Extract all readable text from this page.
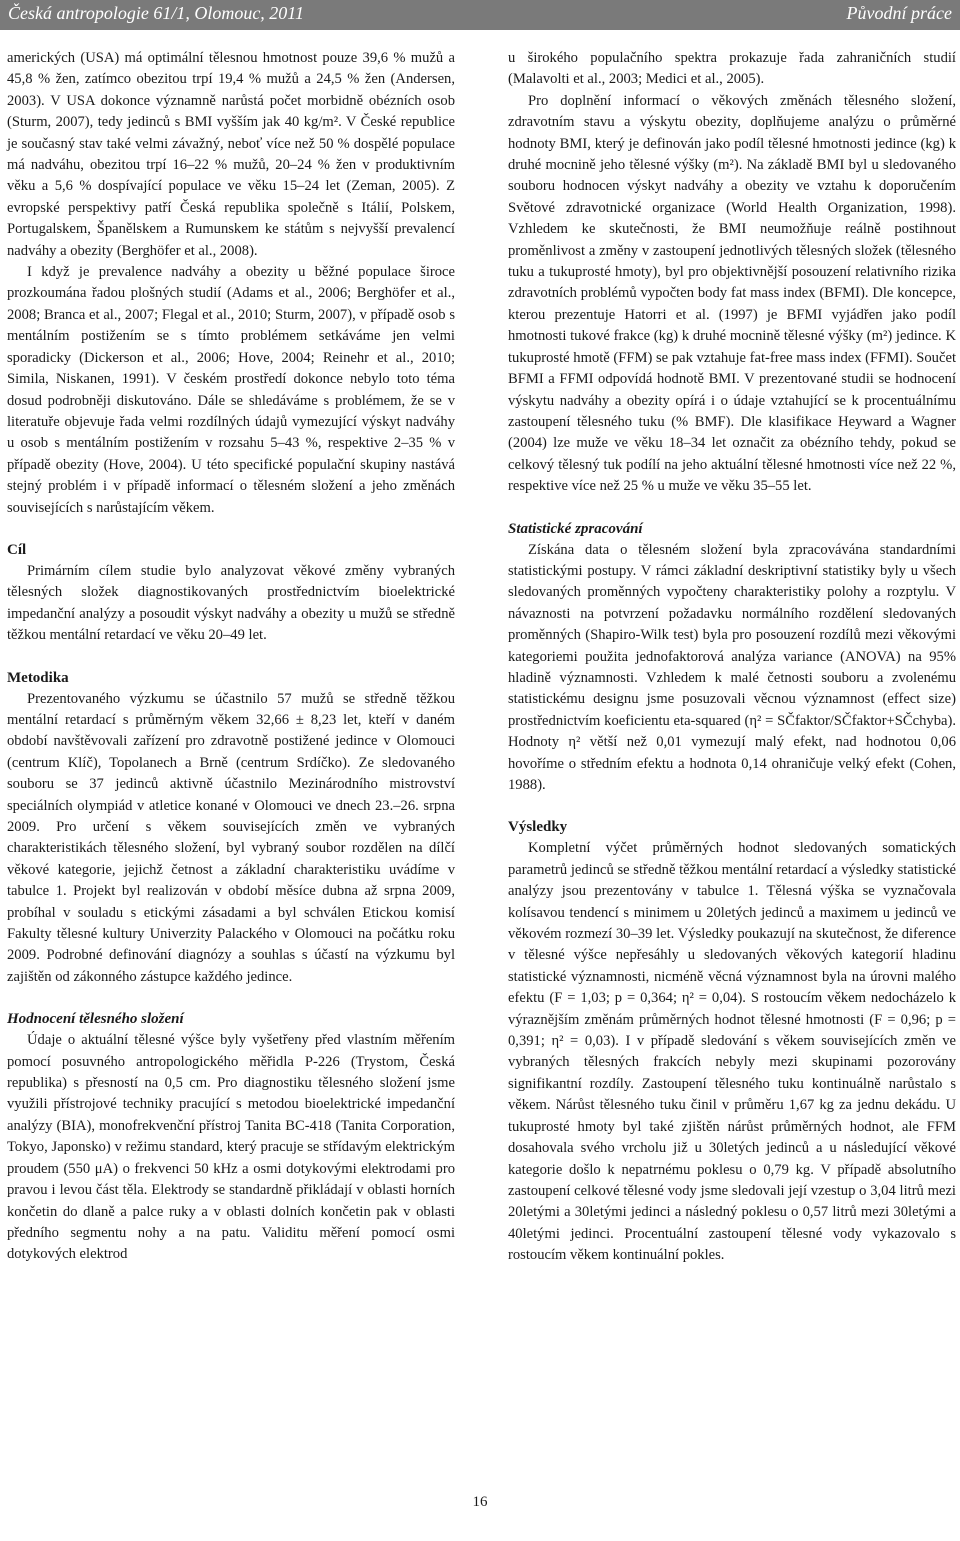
Česká antropologie 61/1, Olomouc, 2011	Původní práce

amerických (USA) má optimální tělesnou hmotnost pouze 39,6 % mužů a 45,8 % žen, zatímco obezitou trpí 19,4 % mužů a 24,5 % žen (Andersen, 2003). V USA dokonce významně narůstá počet morbidně obézních osob (Sturm, 2007), tedy jedinců s BMI vyšším jak 40 kg/m². V České republice je současný stav také velmi závažný, neboť více než 50 % dospělé populace má nadváhu, obezitou trpí 16–22 % mužů, 20–24 % žen v produktivním věku a 5,6 % dospívající populace ve věku 15–24 let (Zeman, 2005). Z evropské perspektivy patří Česká republika společně s Itálií, Polskem, Portugalskem, Španělskem a Rumunskem ke státům s nejvyšší prevalencí nadváhy a obezity (Berghöfer et al., 2008).

I když je prevalence nadváhy a obezity u běžné populace široce prozkoumána řadou plošných studií (Adams et al., 2006; Berghöfer et al., 2008; Branca et al., 2007; Flegal et al., 2010; Sturm, 2007), v případě osob s mentálním postižením se s tímto problémem setkáváme jen velmi sporadicky (Dickerson et al., 2006; Hove, 2004; Reinehr et al., 2010; Simila, Niskanen, 1991). V českém prostředí dokonce nebylo toto téma dosud podrobněji diskutováno. Dále se shledáváme s problémem, že se v literatuře objevuje řada velmi rozdílných údajů vymezující výskyt nadváhy u osob s mentálním postižením v rozsahu 5–43 %, respektive 2–35 % v případě obezity (Hove, 2004). U této specifické populační skupiny nastává stejný problém i v případě informací o tělesném složení a jeho změnách souvisejících s narůstajícím věkem.

Cíl

Primárním cílem studie bylo analyzovat věkové změny vybraných tělesných složek diagnostikovaných prostřednictvím bioelektrické impedanční analýzy a posoudit výskyt nadváhy a obezity u mužů se středně těžkou mentální retardací ve věku 20–49 let.

Metodika

Prezentovaného výzkumu se účastnilo 57 mužů se středně těžkou mentální retardací s průměrným věkem 32,66 ± 8,23 let, kteří v daném období navštěvovali zařízení pro zdravotně postižené jedince v Olomouci (centrum Klíč), Topolanech a Brně (centrum Srdíčko). Ze sledovaného souboru se 37 jedinců aktivně účastnilo Mezinárodního mistrovství speciálních olympiád v atletice konané v Olomouci ve dnech 23.–26. srpna 2009. Pro určení s věkem souvisejících změn ve vybraných charakteristikách tělesného složení, byl vybraný soubor rozdělen na dílčí věkové kategorie, jejichž četnost a základní charakteristiku uvádíme v tabulce 1. Projekt byl realizován v období měsíce dubna až srpna 2009, probíhal v souladu s etickými zásadami a byl schválen Etickou komisí Fakulty tělesné kultury Univerzity Palackého v Olomouci na počátku roku 2009. Podrobné definování diagnózy a souhlas s účastí na výzkumu byl zajištěn od zákonného zástupce každého jedince.

Hodnocení tělesného složení

Údaje o aktuální tělesné výšce byly vyšetřeny před vlastním měřením pomocí posuvného antropologického měřidla P-226 (Trystom, Česká republika) s přesností na 0,5 cm. Pro diagnostiku tělesného složení jsme využili přístrojové techniky pracující s metodou bioelektrické impedanční analýzy (BIA), monofrekvenční přístroj Tanita BC-418 (Tanita Corporation, Tokyo, Japonsko) v režimu standard, který pracuje se střídavým elektrickým proudem (550 μA) o frekvenci 50 kHz a osmi dotykovými elektrodami pro pravou i levou část těla. Elektrody se standardně přikládají v oblasti horních končetin do dlaně a palce ruky a v oblasti dolních končetin pak v oblasti předního segmentu nohy a na patu. Validitu měření pomocí osmi dotykových elektrod

u širokého populačního spektra prokazuje řada zahraničních studií (Malavolti et al., 2003; Medici et al., 2005).

Pro doplnění informací o věkových změnách tělesného složení, zdravotním stavu a výskytu obezity, doplňujeme analýzu o průměrné hodnoty BMI, který je definován jako podíl tělesné hmotnosti jedince (kg) k druhé mocnině jeho tělesné výšky (m²). Na základě BMI byl u sledovaného souboru hodnocen výskyt nadváhy a obezity ve vztahu k doporučením Světové zdravotnické organizace (World Health Organization, 1998). Vzhledem ke skutečnosti, že BMI neumožňuje reálně postihnout proměnlivost a změny v zastoupení jednotlivých tělesných složek (tělesného tuku a tukuprosté hmoty), byl pro objektivnější posouzení relativního rizika zdravotních problémů vypočten body fat mass index (BFMI). Dle koncepce, kterou prezentuje Hatorri et al. (1997) je BFMI vyjádřen jako podíl hmotnosti tukové frakce (kg) k druhé mocnině tělesné výšky (m²) jedince. K tukuprosté hmotě (FFM) se pak vztahuje fat-free mass index (FFMI). Součet BFMI a FFMI odpovídá hodnotě BMI. V prezentované studii se hodnocení výskytu nadváhy a obezity opírá i o údaje vztahující se k procentuálnímu zastoupení tělesného tuku (% BMF). Dle klasifikace Heyward a Wagner (2004) lze muže ve věku 18–34 let označit za obézního tehdy, pokud se celkový tělesný tuk podílí na jeho aktuální tělesné hmotnosti více než 22 %, respektive více než 25 % u muže ve věku 35–55 let.

Statistické zpracování

Získána data o tělesném složení byla zpracovávána standardními statistickými postupy. V rámci základní deskriptivní statistiky byly u všech sledovaných proměnných vypočteny charakteristiky polohy a rozptylu. V návaznosti na potvrzení požadavku normálního rozdělení sledovaných proměnných (Shapiro-Wilk test) byla pro posouzení rozdílů mezi věkovými kategoriemi použita jednofaktorová analýza variance (ANOVA) na 95% hladině významnosti. Vzhledem k malé četnosti souboru a zvolenému statistickému designu jsme posuzovali věcnou významnost (effect size) prostřednictvím koeficientu eta-squared (η² = SČfaktor/SČfaktor+SČchyba). Hodnoty η² větší než 0,01 vymezují malý efekt, nad hodnotou 0,06 hovoříme o středním efektu a hodnota 0,14 ohraničuje velký efekt (Cohen, 1988).

Výsledky

Kompletní výčet průměrných hodnot sledovaných somatických parametrů jedinců se středně těžkou mentální retardací a výsledky statistické analýzy jsou prezentovány v tabulce 1. Tělesná výška se vyznačovala kolísavou tendencí s minimem u 20letých jedinců a maximem u jedinců ve věkovém rozmezí 30–39 let. Výsledky poukazují na skutečnost, že diference v tělesné výšce nepřesáhly u sledovaných věkových kategorií hladinu statistické významnosti, nicméně věcná významnost byla na úrovni malého efektu (F = 1,03; p = 0,364; η² = 0,04). S rostoucím věkem nedocházelo k výraznějším změnám průměrných hodnot tělesné hmotnosti (F = 0,96; p = 0,391; η² = 0,03). I v případě sledování s věkem souvisejících změn ve vybraných tělesných frakcích nebyly mezi skupinami pozorovány signifikantní rozdíly. Zastoupení tělesného tuku kontinuálně narůstalo s věkem. Nárůst tělesného tuku činil v průměru 1,67 kg za jednu dekádu. U tukuprosté hmoty byl také zjištěn nárůst průměrných hodnot, ale FFM dosahovala svého vrcholu již u 30letých jedinců a u následující věkové kategorie došlo k nepatrnému poklesu o 0,79 kg. V případě absolutního zastoupení celkové tělesné vody jsme sledovali její vzestup o 3,04 litrů mezi 20letými a 30letými jedinci a následný poklesu o 0,57 litrů mezi 30letými a 40letými jedinci. Procentuální zastoupení tělesné vody vykazovalo s rostoucím věkem kontinuální pokles.

16
